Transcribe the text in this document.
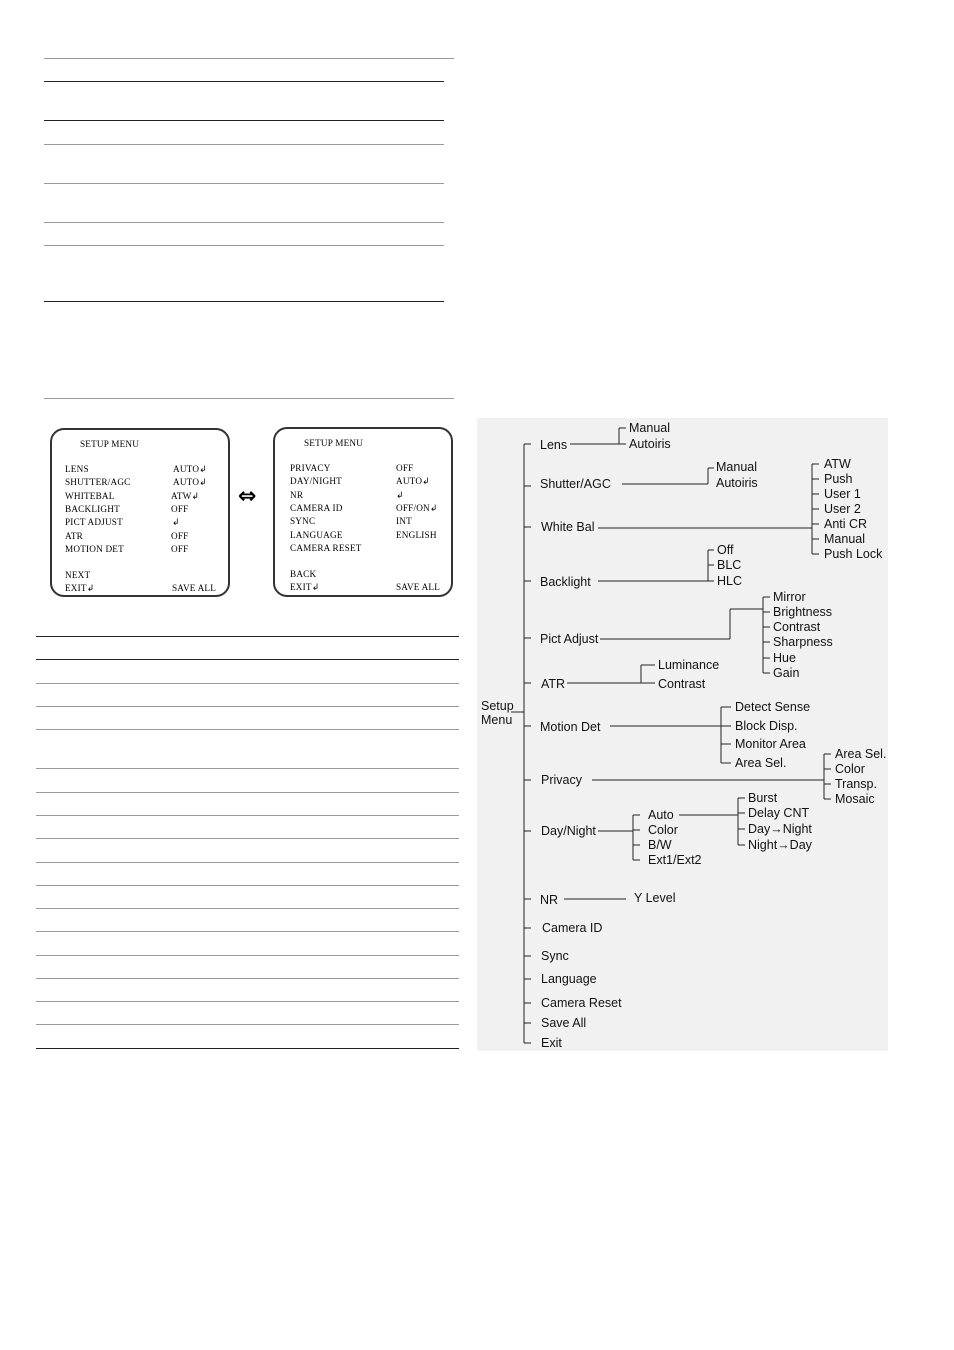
SETUP MENU
LENS	AUTO↲
SHUTTER/AGC	AUTO↲
WHITEBAL	ATW↲
BACKLIGHT	OFF
PICT ADJUST	↲
ATR	OFF
MOTION DET	OFF
NEXT
EXIT↲	SAVE ALL
⇔
SETUP MENU
PRIVACY	OFF
DAY/NIGHT	AUTO↲
NR	↲
CAMERA ID	OFF/ON↲
SYNC	INT
LANGUAGE	ENGLISH
CAMERA RESET
BACK
EXIT↲	SAVE ALL
Setup
Menu
Lens
Manual
Autoiris
Shutter/AGC
Manual
Autoiris
White Bal
ATW
Push
User 1
User 2
Anti CR
Manual
Push Lock
Backlight
Off
BLC
HLC
Pict Adjust
Mirror
Brightness
Contrast
Sharpness
Hue
Gain
ATR
Luminance
Contrast
Motion Det
Detect Sense
Block Disp.
Monitor Area
Area Sel.
Privacy
Area Sel.
Color
Transp.
Mosaic
Day/Night
Auto
Color
B/W
Ext1/Ext2
Burst
Delay CNT
Day→Night
Night→Day
NR	Y Level
Camera ID
Sync
Language
Camera Reset
Save All
Exit
